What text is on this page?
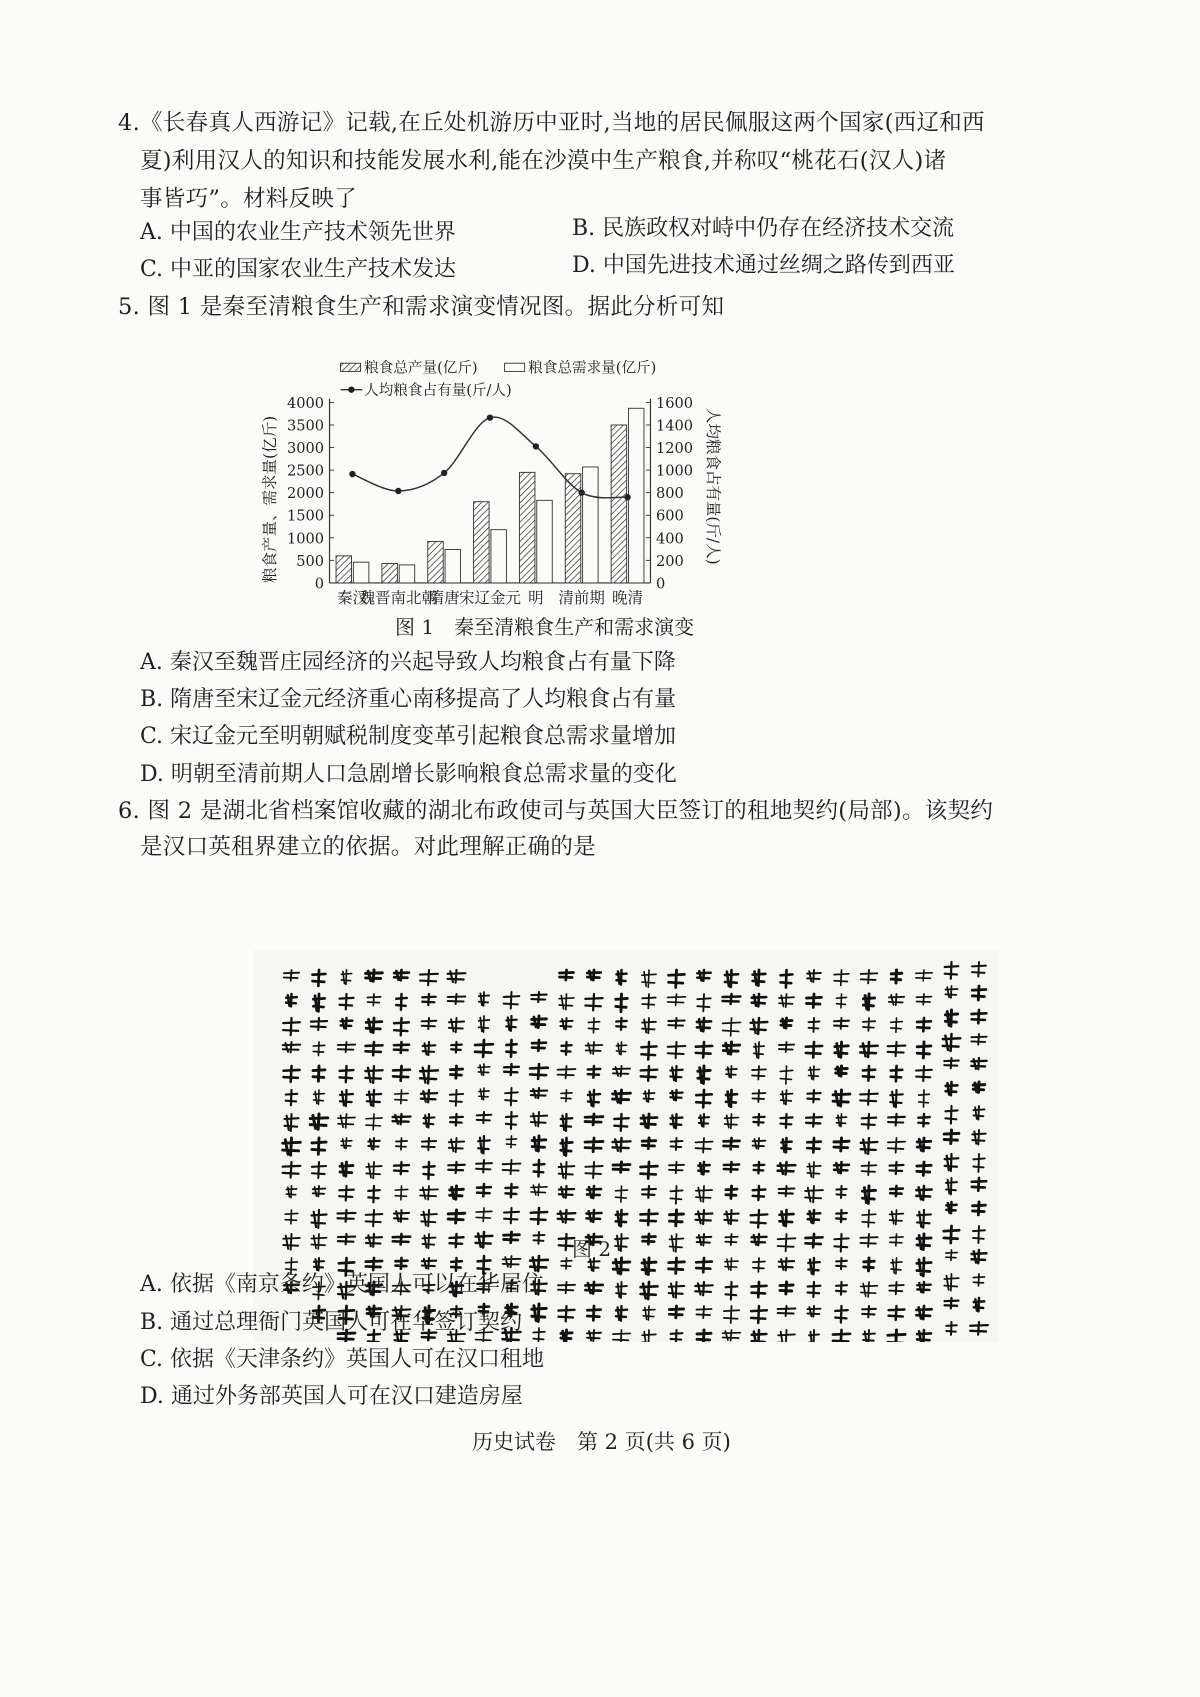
4.《长春真人西游记》记载,在丘处机游历中亚时,当地的居民佩服这两个国家(西辽和西
夏)利用汉人的知识和技能发展水利,能在沙漠中生产粮食,并称叹“桃花石(汉人)诸
事皆巧”。材料反映了
A. 中国的农业生产技术领先世界	B. 民族政权对峙中仍存在经济技术交流
C. 中亚的国家农业生产技术发达	D. 中国先进技术通过丝绸之路传到西亚
5. 图 1 是秦至清粮食生产和需求演变情况图。据此分析可知
粮食总产量(亿斤)	粮食总需求量(亿斤)
人均粮食占有量(斤/人)
粮食产量、需求量(亿斤)	人均粮食占有量(斤/人)
0
500
1000
1500
2000
2500
3000
3500
4000
0
200
400
600
800
1000
1200
1400
1600
秦汉
魏晋南北朝
隋唐 宋辽金元 明 清前期 晚清
图 1　秦至清粮食生产和需求演变
A. 秦汉至魏晋庄园经济的兴起导致人均粮食占有量下降
B. 隋唐至宋辽金元经济重心南移提高了人均粮食占有量
C. 宋辽金元至明朝赋税制度变革引起粮食总需求量增加
D. 明朝至清前期人口急剧增长影响粮食总需求量的变化
6. 图 2 是湖北省档案馆收藏的湖北布政使司与英国大臣签订的租地契约(局部)。该契约
是汉口英租界建立的依据。对此理解正确的是
图 2
A. 依据《南京条约》英国人可以在华居住
B. 通过总理衙门英国人可在华签订契约
C. 依据《天津条约》英国人可在汉口租地
D. 通过外务部英国人可在汉口建造房屋
历史试卷　第 2 页(共 6 页)
